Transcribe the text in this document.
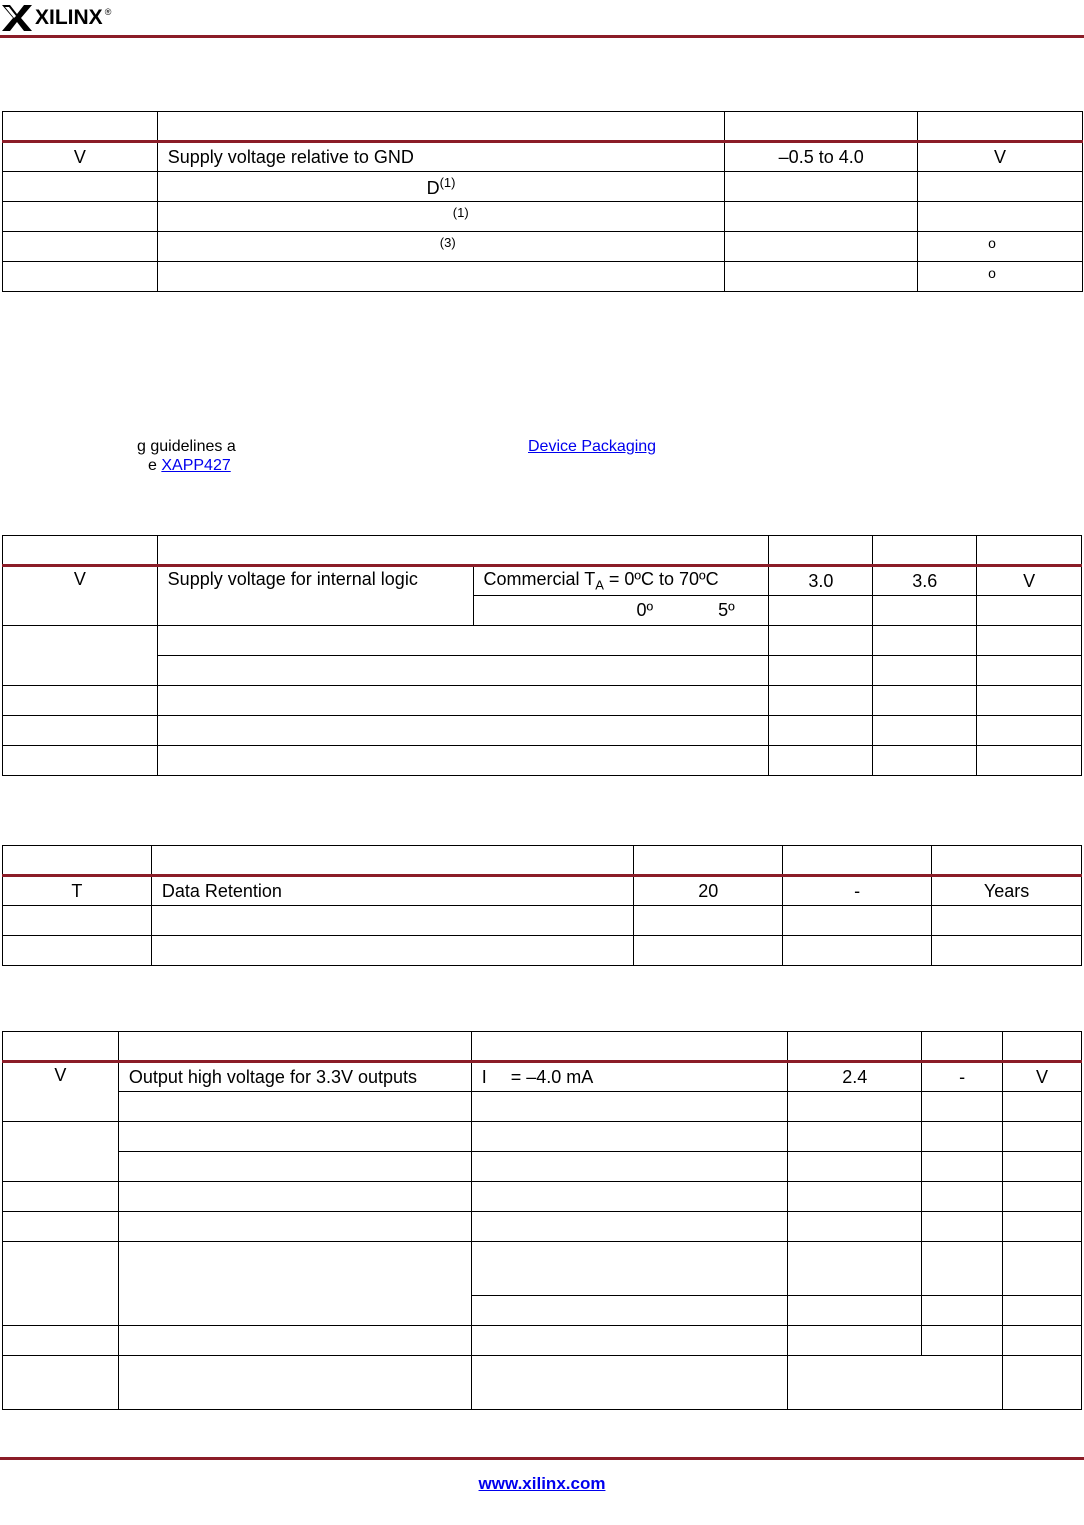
XILINX ®

V	Supply voltage relative to GND	–0.5 to 4.0	V
	$D^{(1)}$		
	$^{(1)}$		
	$^{(3)}$		o
			o
g guidelines a	Device Packaging
e XAPP427

V	Supply voltage for internal logic	Commercial $T_A$ = 0ºC to 70ºC	3.0	3.6	V
		0º 5º			

T	Data Retention	20	-	Years

V	Output high voltage for 3.3V outputs	I = –4.0 mA	2.4	-	V

www.xilinx.com
